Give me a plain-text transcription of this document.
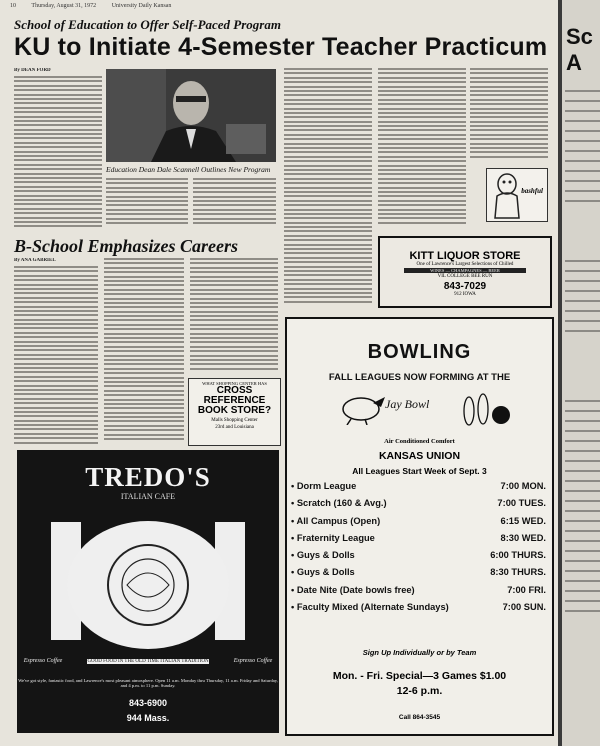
10	Thursday, August 31, 1972	University Daily Kansan
School of Education to Offer Self-Paced Program
KU to Initiate 4-Semester Teacher Practicum
By DEAN FORD
Education Dean Dale Scannell Outlines New Program
bashful
B-School Emphasizes Careers
By ANA GABRIEL
WHAT SHOPPING CENTER HAS
CROSS REFERENCE BOOK STORE?
Malls Shopping Center
23rd and Louisiana
TREDO'S
ITALIAN CAFE
GOOD FOOD IN THE OLD TIME ITALIAN TRADITION
Espresso Coffee	Espresso Coffee
We've got style, fantastic food, and Lawrence's most pleasant atmosphere. Open 11 a.m. Monday thru Thursday, 11 a.m. Friday and Saturday, and 4 p.m. to 11 p.m. Sunday.
843-6900
944 Mass.
KITT LIQUOR STORE
One of Lawrence's Largest Selections of Chilled
WINES — CHAMPAGNES — BEER
VIL COLLEGE BEE RUN
843-7029
912 IOWA
BOWLING
FALL LEAGUES NOW FORMING AT THE
Jay Bowl
Air Conditioned Comfort
KANSAS UNION
All Leagues Start Week of Sept. 3
• Dorm League	7:00 MON.
• Scratch (160 & Avg.)	7:00 TUES.
• All Campus (Open)	6:15 WED.
• Fraternity League	8:30 WED.
• Guys & Dolls	6:00 THURS.
• Guys & Dolls	8:30 THURS.
• Date Nite (Date bowls free)	7:00 FRI.
• Faculty Mixed (Alternate Sundays)	7:00 SUN.
Sign Up Individually or by Team
Mon. - Fri. Special—3 Games $1.00
12-6 p.m.
Call 864-3545
Sc A
